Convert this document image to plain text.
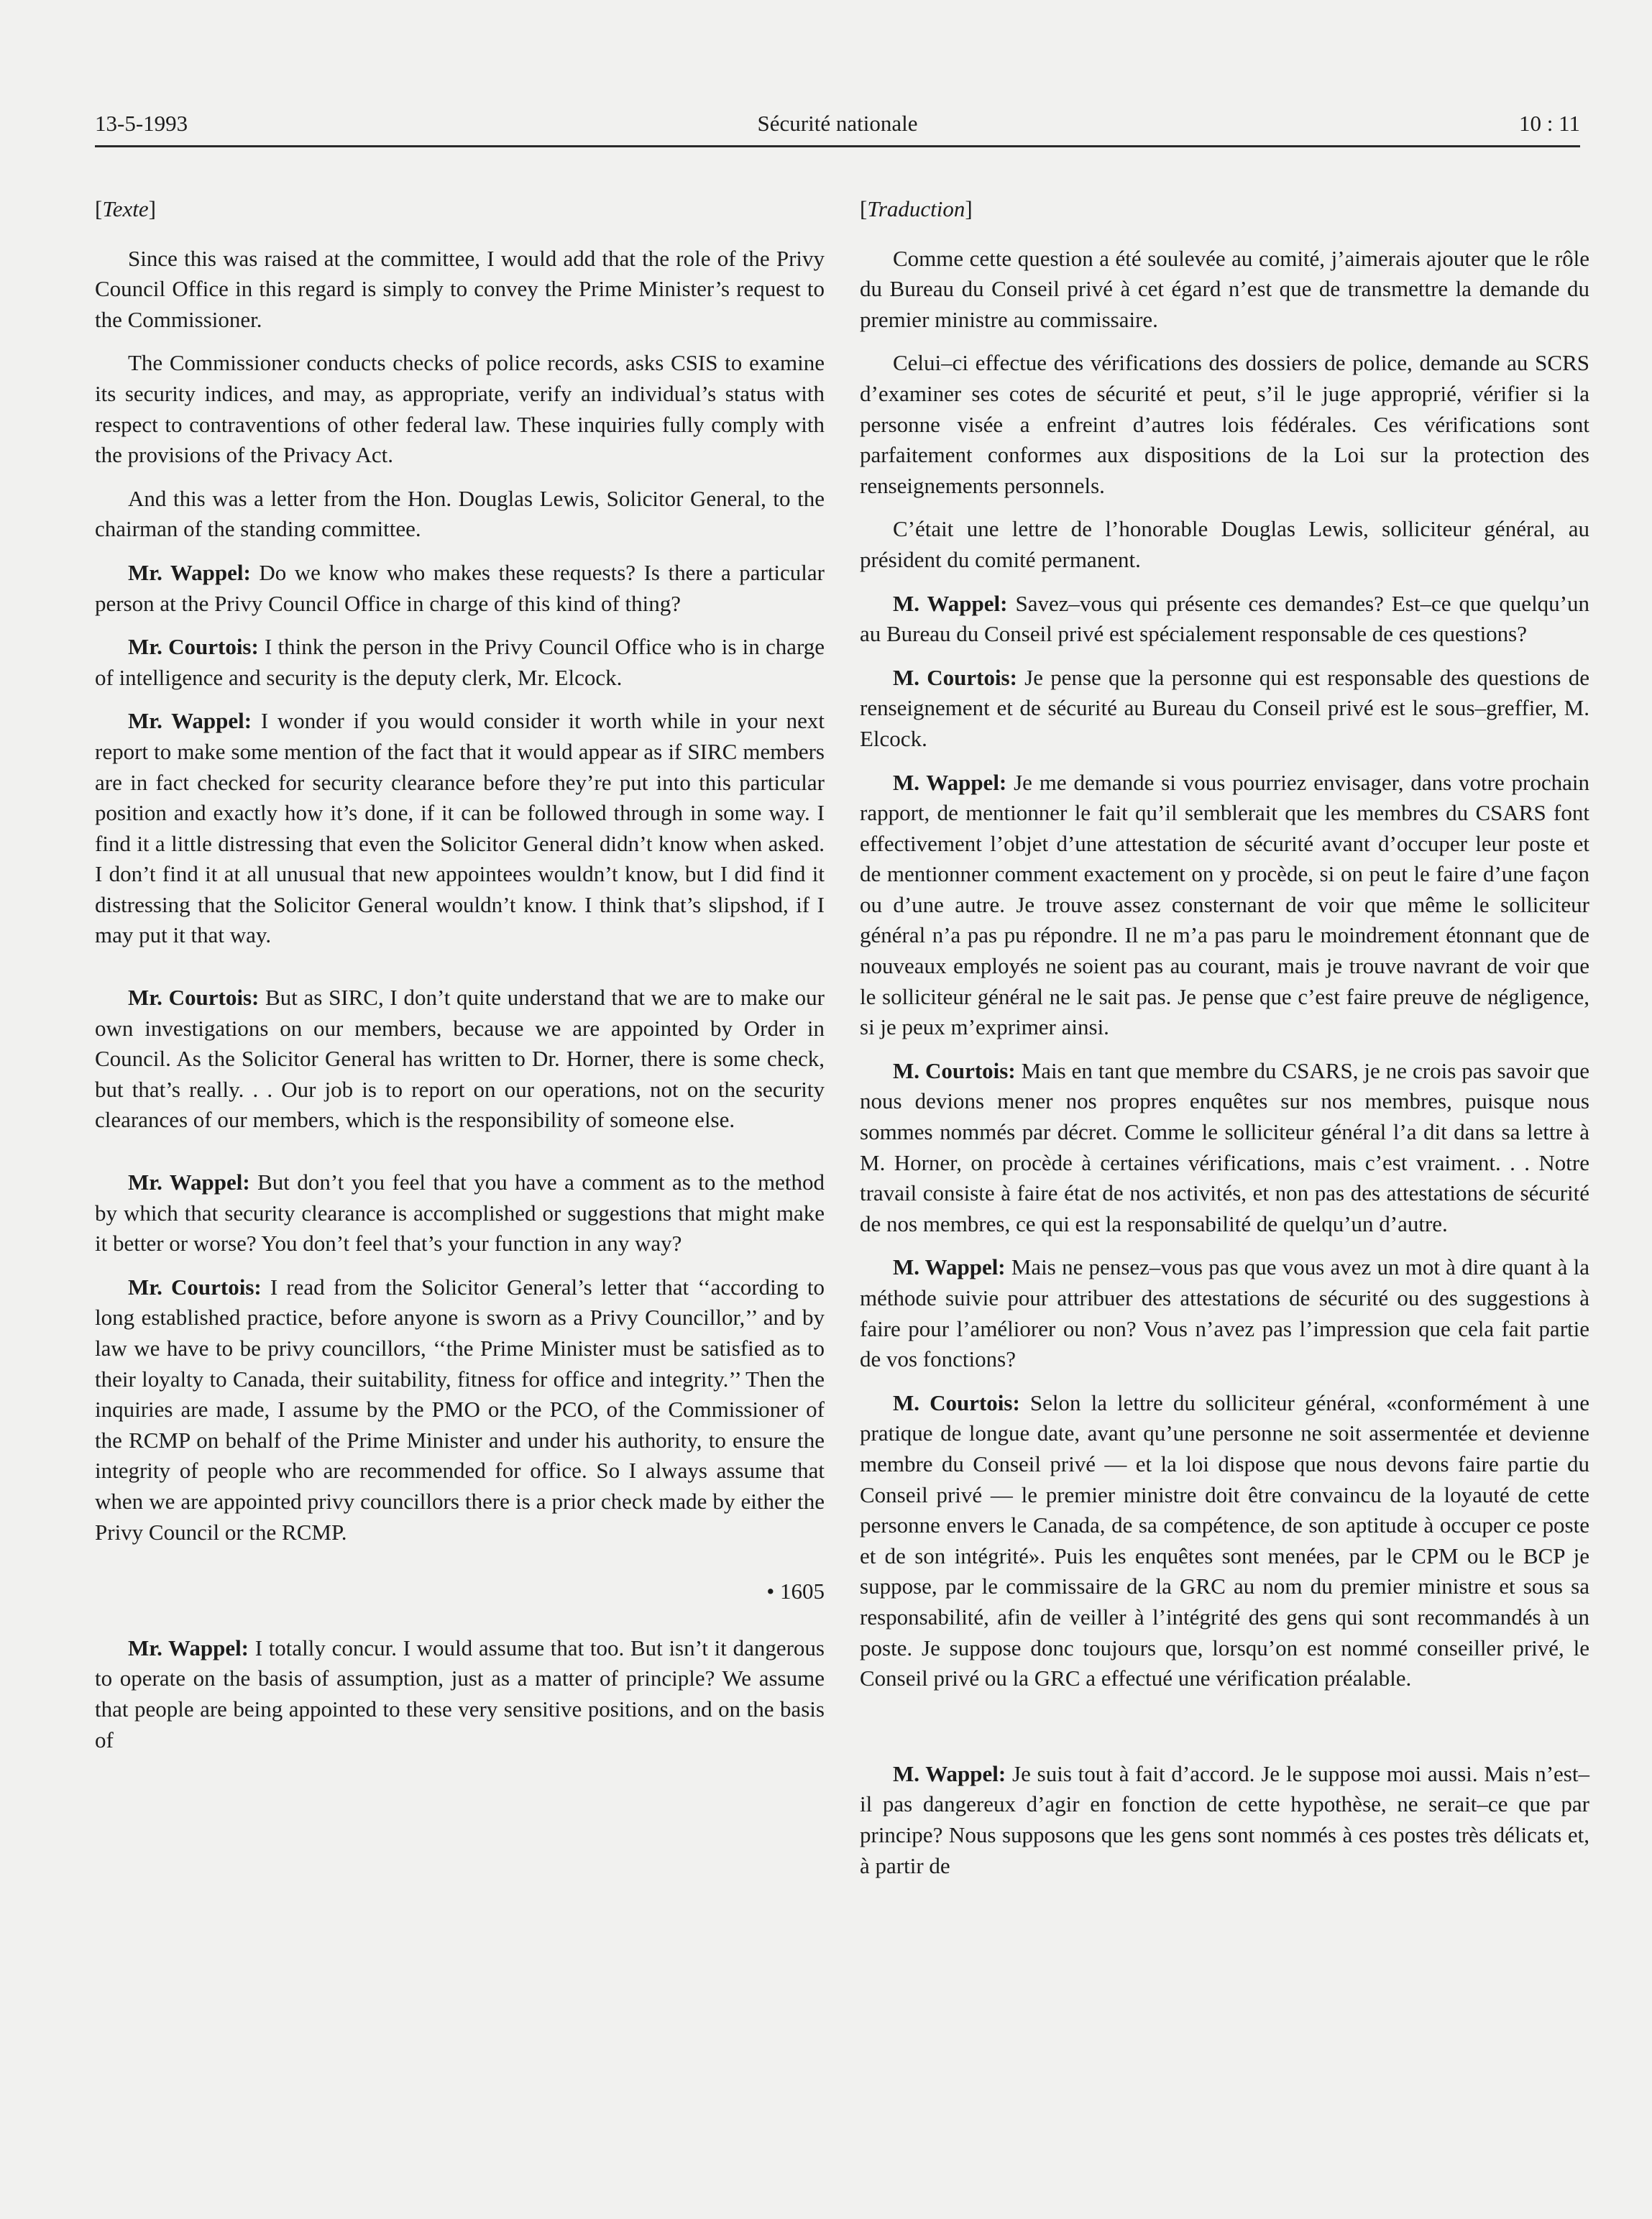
13-5-1993	Sécurité nationale	10 : 11

[Texte]

Since this was raised at the committee, I would add that the role of the Privy Council Office in this regard is simply to convey the Prime Minister’s request to the Commissioner.

The Commissioner conducts checks of police records, asks CSIS to examine its security indices, and may, as appropriate, verify an individual’s status with respect to contraventions of other federal law. These inquiries fully comply with the provisions of the Privacy Act.

And this was a letter from the Hon. Douglas Lewis, Solicitor General, to the chairman of the standing committee.

Mr. Wappel: Do we know who makes these requests? Is there a particular person at the Privy Council Office in charge of this kind of thing?

Mr. Courtois: I think the person in the Privy Council Office who is in charge of intelligence and security is the deputy clerk, Mr. Elcock.

Mr. Wappel: I wonder if you would consider it worth while in your next report to make some mention of the fact that it would appear as if SIRC members are in fact checked for security clearance before they’re put into this particular position and exactly how it’s done, if it can be followed through in some way. I find it a little distressing that even the Solicitor General didn’t know when asked. I don’t find it at all unusual that new appointees wouldn’t know, but I did find it distressing that the Solicitor General wouldn’t know. I think that’s slipshod, if I may put it that way.

Mr. Courtois: But as SIRC, I don’t quite understand that we are to make our own investigations on our members, because we are appointed by Order in Council. As the Solicitor General has written to Dr. Horner, there is some check, but that’s really. . . Our job is to report on our operations, not on the security clearances of our members, which is the responsibility of someone else.

Mr. Wappel: But don’t you feel that you have a comment as to the method by which that security clearance is accomplished or suggestions that might make it better or worse? You don’t feel that’s your function in any way?

Mr. Courtois: I read from the Solicitor General’s letter that ‘‘according to long established practice, before anyone is sworn as a Privy Councillor,’’ and by law we have to be privy councillors, ‘‘the Prime Minister must be satisfied as to their loyalty to Canada, their suitability, fitness for office and integrity.’’ Then the inquiries are made, I assume by the PMO or the PCO, of the Commissioner of the RCMP on behalf of the Prime Minister and under his authority, to ensure the integrity of people who are recommended for office. So I always assume that when we are appointed privy councillors there is a prior check made by either the Privy Council or the RCMP.

• 1605

Mr. Wappel: I totally concur. I would assume that too. But isn’t it dangerous to operate on the basis of assumption, just as a matter of principle? We assume that people are being appointed to these very sensitive positions, and on the basis of

[Traduction]

Comme cette question a été soulevée au comité, j’aimerais ajouter que le rôle du Bureau du Conseil privé à cet égard n’est que de transmettre la demande du premier ministre au commissaire.

Celui–ci effectue des vérifications des dossiers de police, demande au SCRS d’examiner ses cotes de sécurité et peut, s’il le juge approprié, vérifier si la personne visée a enfreint d’autres lois fédérales. Ces vérifications sont parfaitement conformes aux dispositions de la Loi sur la protection des renseignements personnels.

C’était une lettre de l’honorable Douglas Lewis, solliciteur général, au président du comité permanent.

M. Wappel: Savez–vous qui présente ces demandes? Est–ce que quelqu’un au Bureau du Conseil privé est spécialement responsable de ces questions?

M. Courtois: Je pense que la personne qui est responsable des questions de renseignement et de sécurité au Bureau du Conseil privé est le sous–greffier, M. Elcock.

M. Wappel: Je me demande si vous pourriez envisager, dans votre prochain rapport, de mentionner le fait qu’il semblerait que les membres du CSARS font effectivement l’objet d’une attestation de sécurité avant d’occuper leur poste et de mentionner comment exactement on y procède, si on peut le faire d’une façon ou d’une autre. Je trouve assez consternant de voir que même le solliciteur général n’a pas pu répondre. Il ne m’a pas paru le moindrement étonnant que de nouveaux employés ne soient pas au courant, mais je trouve navrant de voir que le solliciteur général ne le sait pas. Je pense que c’est faire preuve de négligence, si je peux m’exprimer ainsi.

M. Courtois: Mais en tant que membre du CSARS, je ne crois pas savoir que nous devions mener nos propres enquêtes sur nos membres, puisque nous sommes nommés par décret. Comme le solliciteur général l’a dit dans sa lettre à M. Horner, on procède à certaines vérifications, mais c’est vraiment. . . Notre travail consiste à faire état de nos activités, et non pas des attestations de sécurité de nos membres, ce qui est la responsabilité de quelqu’un d’autre.

M. Wappel: Mais ne pensez–vous pas que vous avez un mot à dire quant à la méthode suivie pour attribuer des attestations de sécurité ou des suggestions à faire pour l’améliorer ou non? Vous n’avez pas l’impression que cela fait partie de vos fonctions?

M. Courtois: Selon la lettre du solliciteur général, «conformément à une pratique de longue date, avant qu’une personne ne soit assermentée et devienne membre du Conseil privé — et la loi dispose que nous devons faire partie du Conseil privé — le premier ministre doit être convaincu de la loyauté de cette personne envers le Canada, de sa compétence, de son aptitude à occuper ce poste et de son intégrité». Puis les enquêtes sont menées, par le CPM ou le BCP je suppose, par le commissaire de la GRC au nom du premier ministre et sous sa responsabilité, afin de veiller à l’intégrité des gens qui sont recommandés à un poste. Je suppose donc toujours que, lorsqu’on est nommé conseiller privé, le Conseil privé ou la GRC a effectué une vérification préalable.

M. Wappel: Je suis tout à fait d’accord. Je le suppose moi aussi. Mais n’est–il pas dangereux d’agir en fonction de cette hypothèse, ne serait–ce que par principe? Nous supposons que les gens sont nommés à ces postes très délicats et, à partir de
